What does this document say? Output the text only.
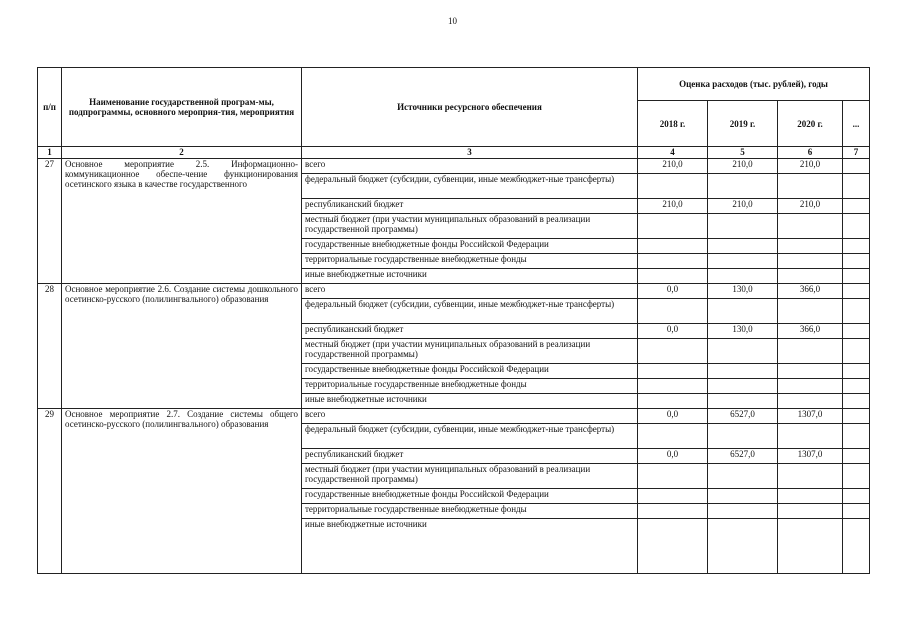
10
п/п	Наименование государственной програм-мы, подпрограммы, основного мероприя-тия, мероприятия	Источники ресурсного обеспечения	Оценка расходов (тыс. рублей), годы			
			2018 г.	2019 г.	2020 г.	...
1	2	3	4	5	6	7
27	Основное мероприятие 2.5. Информационно-коммуникационное обеспе-чение функционирования осетинского языка в качестве государственного	всего	210,0	210,0	210,0	
		федеральный бюджет (субсидии, субвенции, иные межбюджет-ные трансферты)				
		республиканский бюджет	210,0	210,0	210,0	
		местный бюджет (при участии муниципальных образований в реализации государственной программы)				
		государственные внебюджетные фонды Российской Федерации				
		территориальные государственные внебюджетные фонды				
		иные внебюджетные источники				
28	Основное мероприятие 2.6. Создание системы дошкольного осетинско-русского (полилингвального) образования	всего	0,0	130,0	366,0	
		федеральный бюджет (субсидии, субвенции, иные межбюджет-ные трансферты)				
		республиканский бюджет	0,0	130,0	366,0	
		местный бюджет (при участии муниципальных образований в реализации государственной программы)				
		государственные внебюджетные фонды Российской Федерации				
		территориальные государственные внебюджетные фонды				
		иные внебюджетные источники				
29	Основное мероприятие 2.7. Создание системы общего осетинско-русского (полилингвального) образования	всего	0,0	6527,0	1307,0	
		федеральный бюджет (субсидии, субвенции, иные межбюджет-ные трансферты)				
		республиканский бюджет	0,0	6527,0	1307,0	
		местный бюджет (при участии муниципальных образований в реализации государственной программы)				
		государственные внебюджетные фонды Российской Федерации				
		территориальные государственные внебюджетные фонды				
		иные внебюджетные источники				
